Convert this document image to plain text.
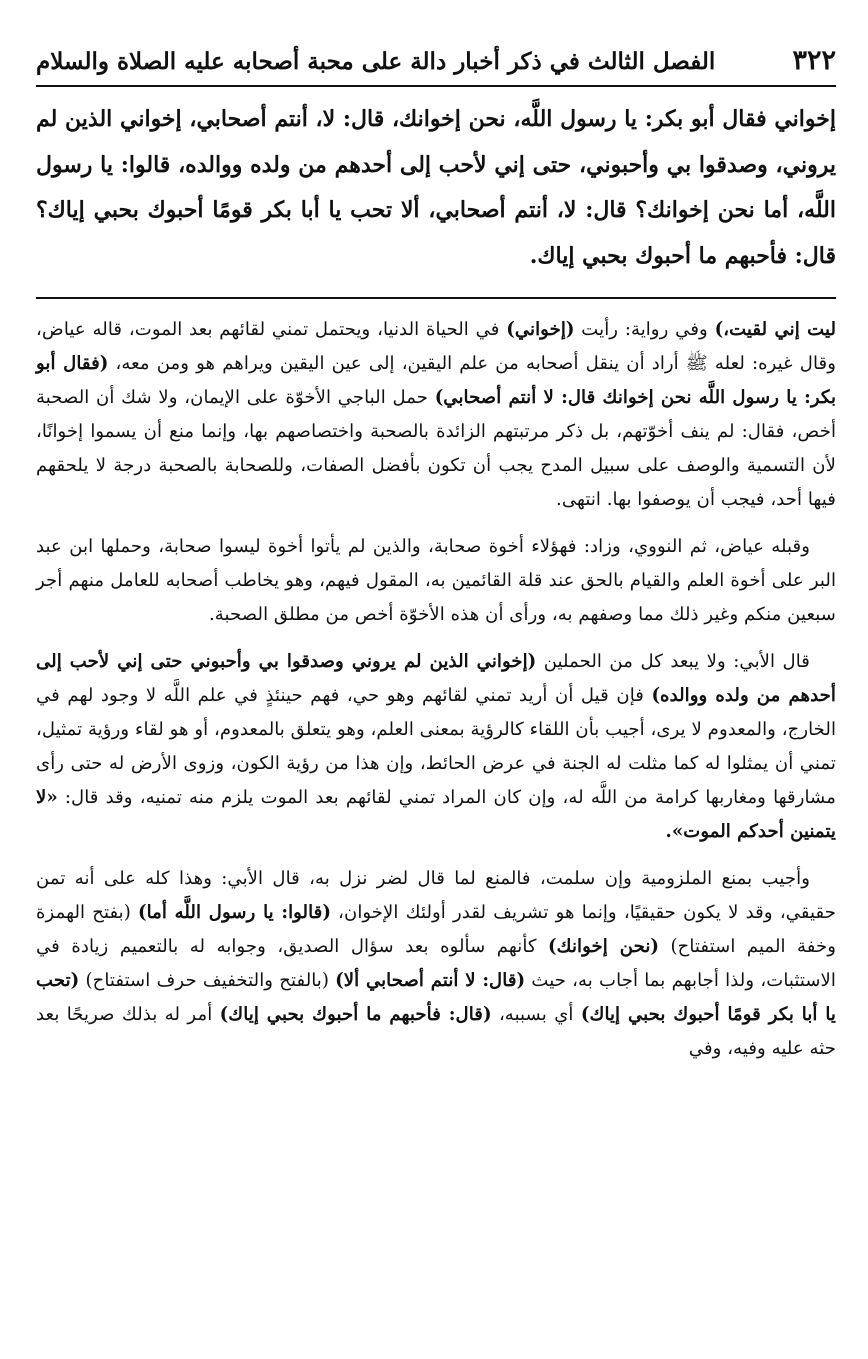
٣٢٢
الفصل الثالث في ذكر أخبار دالة على محبة أصحابه عليه الصلاة والسلام

إخواني فقال أبو بكر: يا رسول اللَّه، نحن إخوانك، قال: لا، أنتم أصحابي، إخواني الذين لم يروني، وصدقوا بي وأحبوني، حتى إني لأحب إلى أحدهم من ولده ووالده، قالوا: يا رسول اللَّه، أما نحن إخوانك؟ قال: لا، أنتم أصحابي، ألا تحب يا أبا بكر قومًا أحبوك بحبي إياك؟ قال: فأحبهم ما أحبوك بحبي إياك.

ليت إني لقيت،) وفي رواية: رأيت (إخواني) في الحياة الدنيا، ويحتمل تمني لقائهم بعد الموت، قاله عياض، وقال غيره: لعله ﷺ أراد أن ينقل أصحابه من علم اليقين، إلى عين اليقين ويراهم هو ومن معه، (فقال أبو بكر: يا رسول اللَّه نحن إخوانك قال: لا أنتم أصحابي) حمل الباجي الأخوّة على الإيمان، ولا شك أن الصحبة أخص، فقال: لم ينف أخوّتهم، بل ذكر مرتبتهم الزائدة بالصحبة واختصاصهم بها، وإنما منع أن يسموا إخوانًا، لأن التسمية والوصف على سبيل المدح يجب أن تكون بأفضل الصفات، وللصحابة بالصحبة درجة لا يلحقهم فيها أحد، فيجب أن يوصفوا بها. انتهى.

وقبله عياض، ثم النووي، وزاد: فهؤلاء أخوة صحابة، والذين لم يأتوا أخوة ليسوا صحابة، وحملها ابن عبد البر على أخوة العلم والقيام بالحق عند قلة القائمين به، المقول فيهم، وهو يخاطب أصحابه للعامل منهم أجر سبعين منكم وغير ذلك مما وصفهم به، ورأى أن هذه الأخوّة أخص من مطلق الصحبة.

قال الأبي: ولا يبعد كل من الحملين (إخواني الذين لم يروني وصدقوا بي وأحبوني حتى إني لأحب إلى أحدهم من ولده ووالده) فإن قيل أن أريد تمني لقائهم وهو حي، فهم حينئذٍ في علم اللَّه لا وجود لهم في الخارج، والمعدوم لا يرى، أجيب بأن اللقاء كالرؤية بمعنى العلم، وهو يتعلق بالمعدوم، أو هو لقاء ورؤية تمثيل، تمني أن يمثلوا له كما مثلت له الجنة في عرض الحائط، وإن هذا من رؤية الكون، وزوى الأرض له حتى رأى مشارقها ومغاربها كرامة من اللَّه له، وإن كان المراد تمني لقائهم بعد الموت يلزم منه تمنيه، وقد قال: «لا يتمنين أحدكم الموت».

وأجيب بمنع الملزومية وإن سلمت، فالمنع لما قال لضر نزل به، قال الأبي: وهذا كله على أنه تمن حقيقي، وقد لا يكون حقيقيًا، وإنما هو تشريف لقدر أولئك الإخوان، (قالوا: يا رسول اللَّه أما) (بفتح الهمزة وخفة الميم استفتاح) (نحن إخوانك) كأنهم سألوه بعد سؤال الصديق، وجوابه له بالتعميم زيادة في الاستثبات، ولذا أجابهم بما أجاب به، حيث (قال: لا أنتم أصحابي ألا) (بالفتح والتخفيف حرف استفتاح) (تحب يا أبا بكر قومًا أحبوك بحبي إياك) أي بسببه، (قال: فأحبهم ما أحبوك بحبي إياك) أمر له بذلك صريحًا بعد حثه عليه وفيه، وفي
